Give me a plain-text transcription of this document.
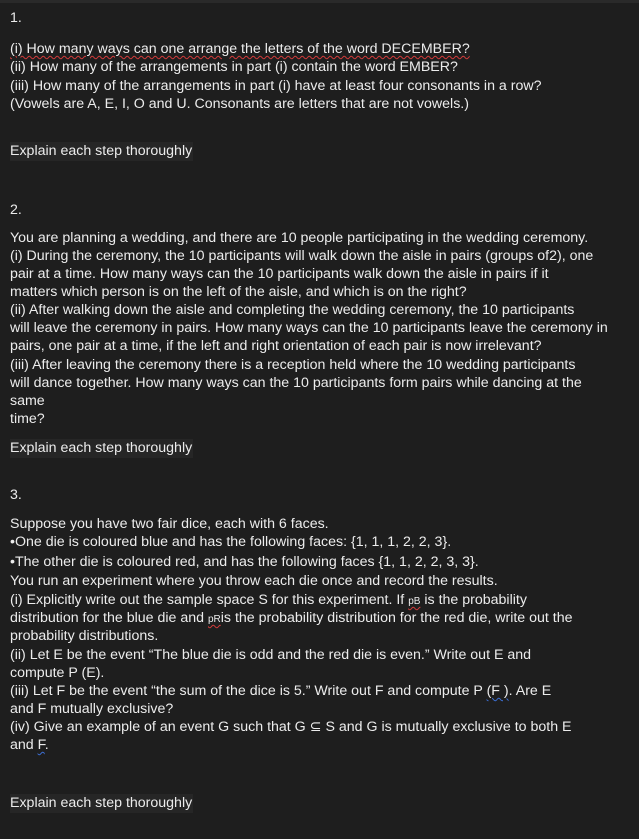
1.
(i) How many ways can one arrange the letters of the word DECEMBER?
(ii) How many of the arrangements in part (i) contain the word EMBER?
(iii) How many of the arrangements in part (i) have at least four consonants in a row?
(Vowels are A, E, I, O and U. Consonants are letters that are not vowels.)
Explain each step thoroughly
2.
You are planning a wedding, and there are 10 people participating in the wedding ceremony.
(i) During the ceremony, the 10 participants will walk down the aisle in pairs (groups of2), one
pair at a time. How many ways can the 10 participants walk down the aisle in pairs if it
matters which person is on the left of the aisle, and which is on the right?
(ii) After walking down the aisle and completing the wedding ceremony, the 10 participants
will leave the ceremony in pairs. How many ways can the 10 participants leave the ceremony in
pairs, one pair at a time, if the left and right orientation of each pair is now irrelevant?
(iii) After leaving the ceremony there is a reception held where the 10 wedding participants
will dance together. How many ways can the 10 participants form pairs while dancing at the
same
time?
Explain each step thoroughly
3.
Suppose you have two fair dice, each with 6 faces.
•One die is coloured blue and has the following faces: {1, 1, 1, 2, 2, 3}.
•The other die is coloured red, and has the following faces {1, 1, 2, 2, 3, 3}.
You run an experiment where you throw each die once and record the results.
(i) Explicitly write out the sample space S for this experiment. If pB is the probability
distribution for the blue die and pRis the probability distribution for the red die, write out the
probability distributions.
(ii) Let E be the event “The blue die is odd and the red die is even.” Write out E and
compute P (E).
(iii) Let F be the event “the sum of the dice is 5.” Write out F and compute P (F ). Are E
and F mutually exclusive?
(iv) Give an example of an event G such that G ⊆ S and G is mutually exclusive to both E
and F.
Explain each step thoroughly
